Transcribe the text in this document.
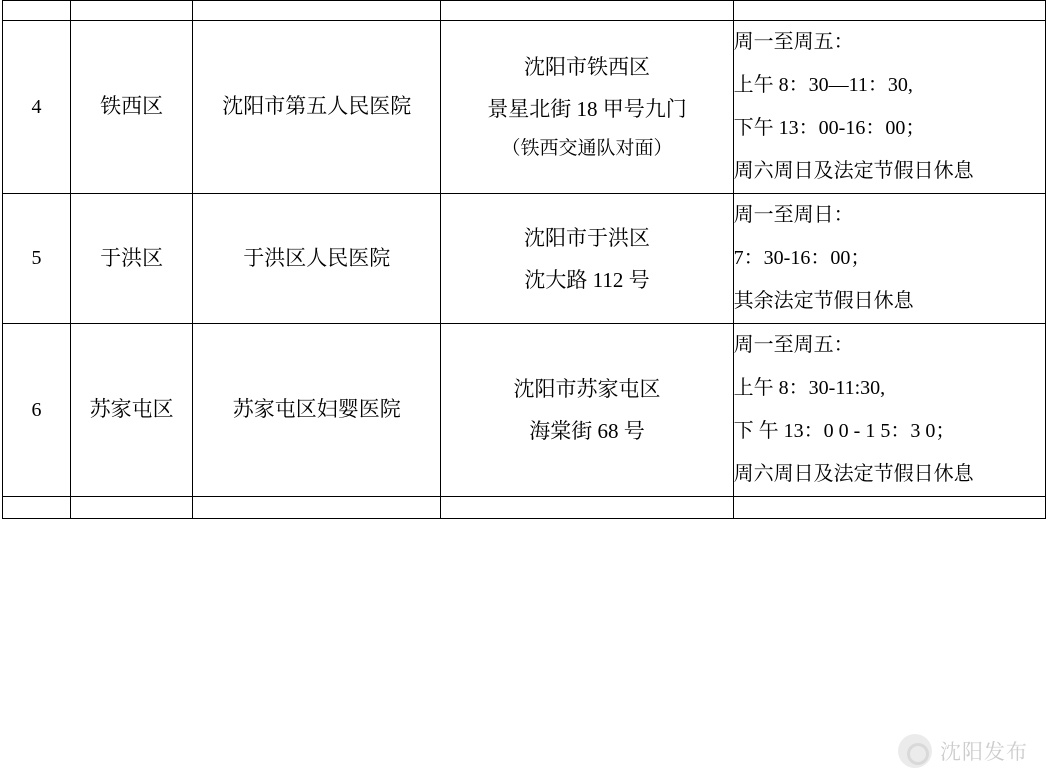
4	铁西区	沈阳市第五人民医院	沈阳市铁西区
景星北街 18 甲号九门
（铁西交通队对面）	周一至周五：
上午 8：30—11：30,
下午 13：00-16：00；
周六周日及法定节假日休息

5	于洪区	于洪区人民医院	沈阳市于洪区
沈大路 112 号	周一至周日：
7：30-16：00；
其余法定节假日休息

6	苏家屯区	苏家屯区妇婴医院	沈阳市苏家屯区
海棠街 68 号	周一至周五：
上午 8：30-11:30,
下 午 13：0 0 - 1 5：3 0；
周六周日及法定节假日休息

沈阳发布
